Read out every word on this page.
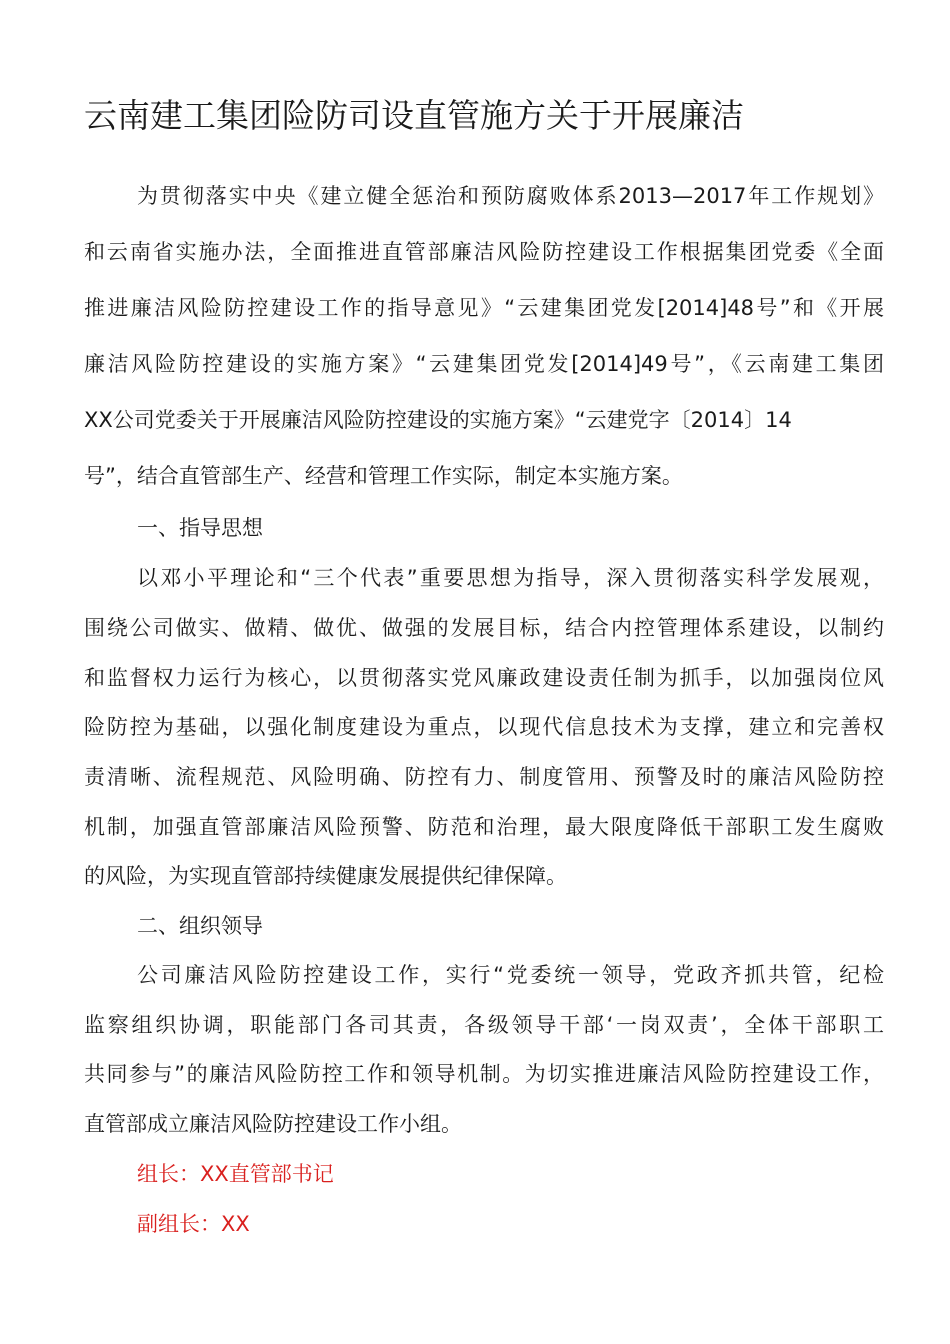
云南建工集团险防司设直管施方关于开展廉洁
为贯彻落实中央《建立健全惩治和预防腐败体系2013—2017年工作规划》
和云南省实施办法，全面推进直管部廉洁风险防控建设工作根据集团党委《全面
推进廉洁风险防控建设工作的指导意见》“云建集团党发[2014]48号”和《开展
廉洁风险防控建设的实施方案》“云建集团党发[2014]49号”，《云南建工集团
XX公司党委关于开展廉洁风险防控建设的实施方案》“云建党字〔2014〕14
号”，结合直管部生产、经营和管理工作实际，制定本实施方案。
一、指导思想
以邓小平理论和“三个代表”重要思想为指导，深入贯彻落实科学发展观，
围绕公司做实、做精、做优、做强的发展目标，结合内控管理体系建设，以制约
和监督权力运行为核心，以贯彻落实党风廉政建设责任制为抓手，以加强岗位风
险防控为基础，以强化制度建设为重点，以现代信息技术为支撑，建立和完善权
责清晰、流程规范、风险明确、防控有力、制度管用、预警及时的廉洁风险防控
机制，加强直管部廉洁风险预警、防范和治理，最大限度降低干部职工发生腐败
的风险，为实现直管部持续健康发展提供纪律保障。
二、组织领导
公司廉洁风险防控建设工作，实行“党委统一领导，党政齐抓共管，纪检
监察组织协调，职能部门各司其责，各级领导干部‘一岗双责’，全体干部职工
共同参与”的廉洁风险防控工作和领导机制。为切实推进廉洁风险防控建设工作，
直管部成立廉洁风险防控建设工作小组。
组长：XX直管部书记
副组长：XX
